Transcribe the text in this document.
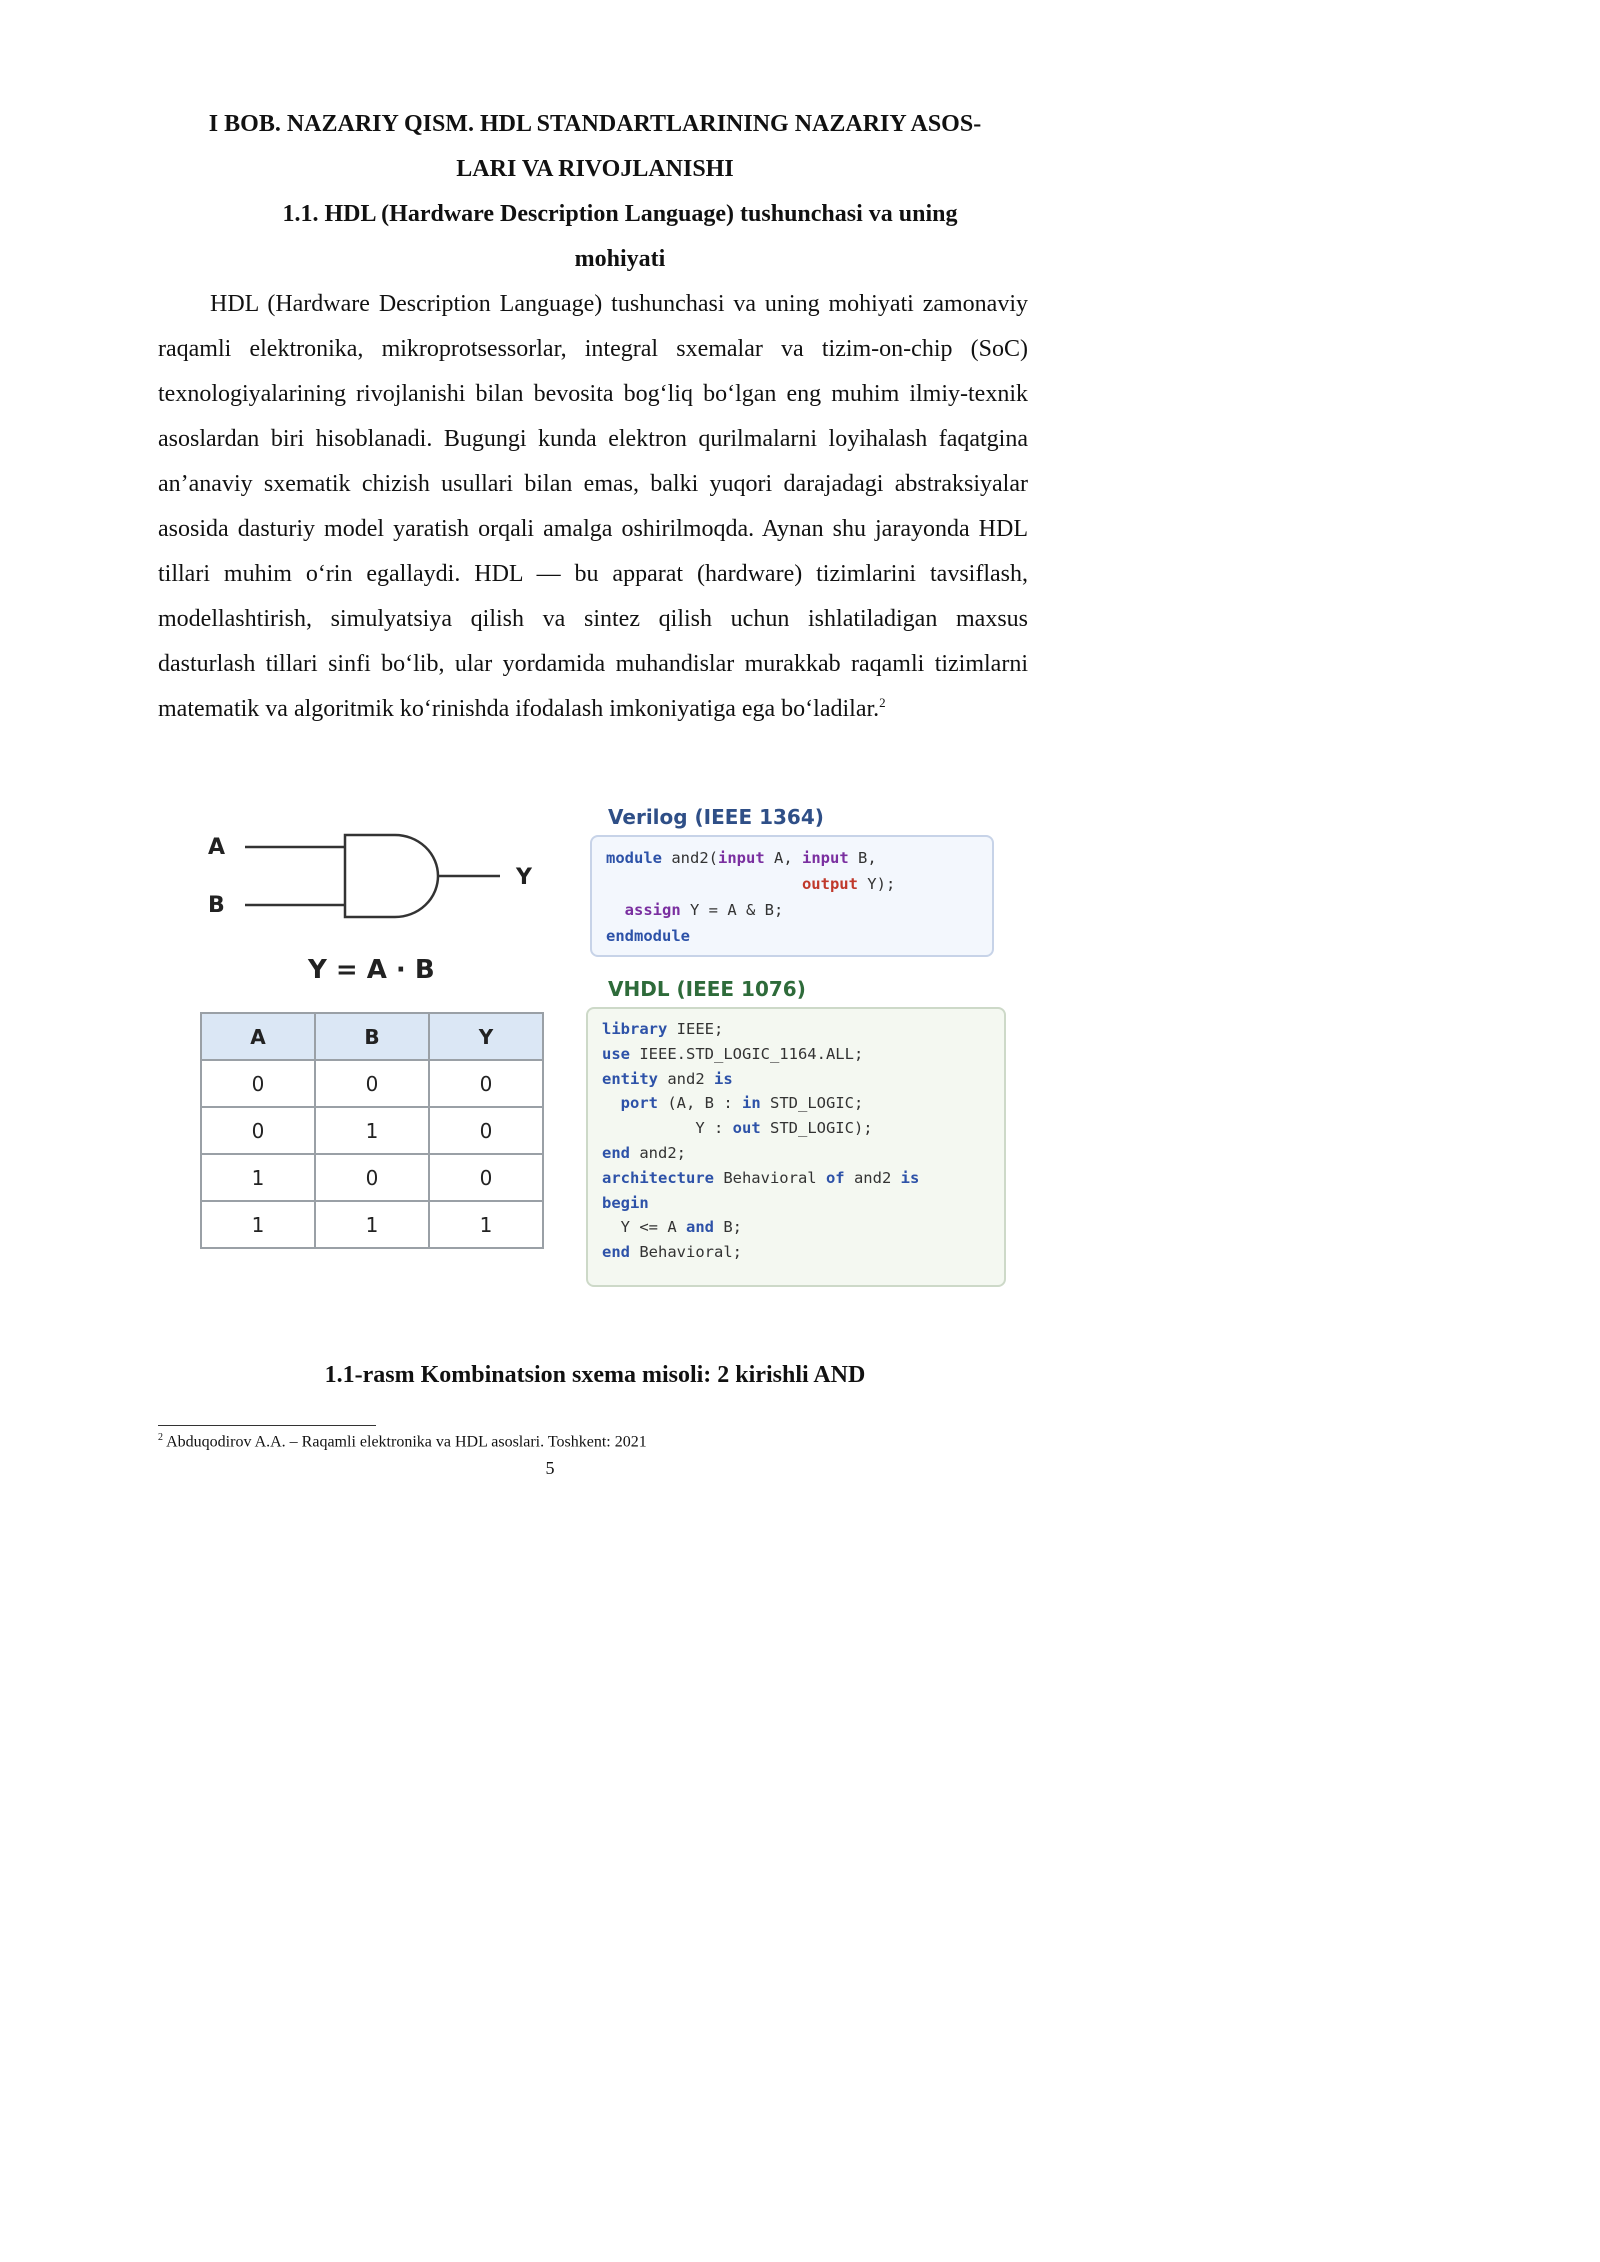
I BOB. NAZARIY QISM. HDL STANDARTLARINING NAZARIY ASOS-
LARI VA RIVOJLANISHI
1.1. HDL (Hardware Description Language) tushunchasi va uning
mohiyati

HDL (Hardware Description Language) tushunchasi va uning mohiyati zamonaviy raqamli elektronika, mikroprotsessorlar, integral sxemalar va tizim-on-chip (SoC) texnologiyalarining rivojlanishi bilan bevosita bog‘liq bo‘lgan eng muhim ilmiy-texnik asoslardan biri hisoblanadi. Bugungi kunda elektron qurilmalarni loyihalash faqatgina an’anaviy sxematik chizish usullari bilan emas, balki yuqori darajadagi abstraksiyalar asosida dasturiy model yaratish orqali amalga oshirilmoqda. Aynan shu jarayonda HDL tillari muhim o‘rin egallaydi. HDL — bu apparat (hardware) tizimlarini tavsiflash, modellashtirish, simulyatsiya qilish va sintez qilish uchun ishlatiladigan maxsus dasturlash tillari sinfi bo‘lib, ular yordamida muhandislar murakkab raqamli tizimlarni matematik va algoritmik ko‘rinishda ifodalash imkoniyatiga ega bo‘ladilar.$^2$

A
B
Y
Y = A · B
A	B	Y
0	0	0
0	1	0
1	0	0
1	1	1
Verilog (IEEE 1364)
module and2(input A, input B,
output Y);
assign Y = A & B;
endmodule
VHDL (IEEE 1076)
library IEEE;
use IEEE.STD_LOGIC_1164.ALL;
entity and2 is
port (A, B : in STD_LOGIC;
Y : out STD_LOGIC);
end and2;
architecture Behavioral of and2 is
begin
Y <= A and B;
end Behavioral;
1.1-rasm Kombinatsion sxema misoli: 2 kirishli AND
$^2$ Abduqodirov A.A. – Raqamli elektronika va HDL asoslari. Toshkent: 2021
5
